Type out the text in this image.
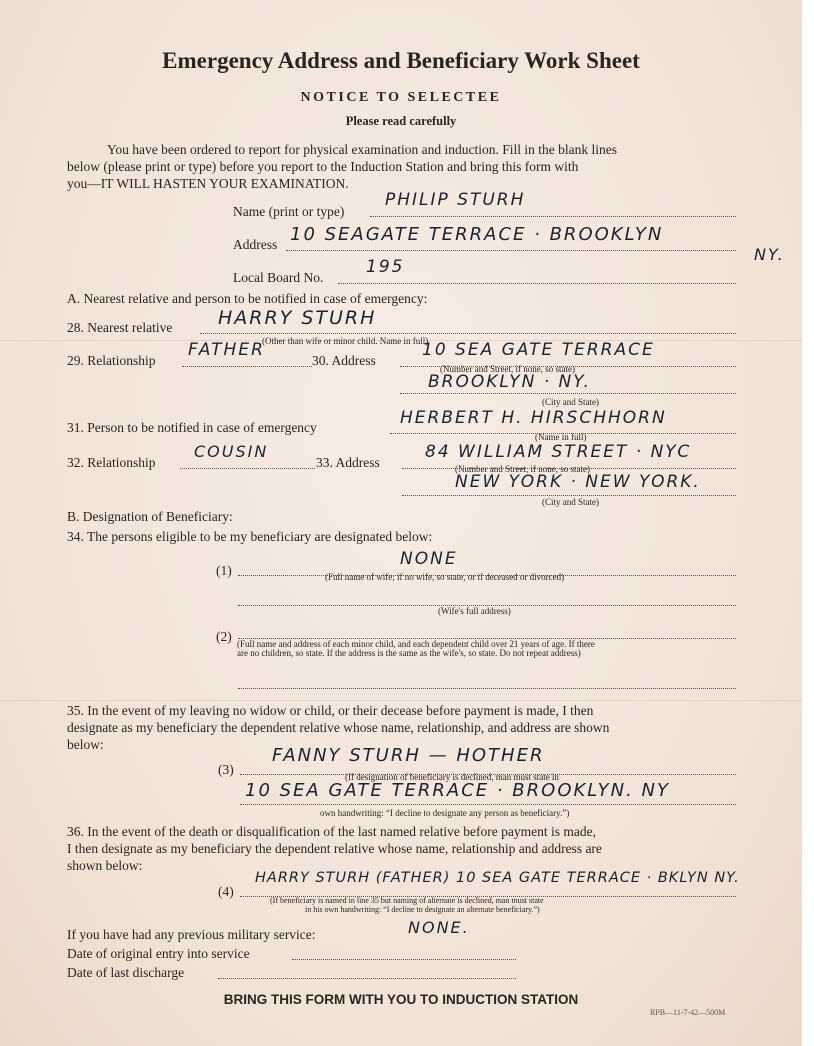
Emergency Address and Beneficiary Work Sheet
NOTICE TO SELECTEE
Please read carefully
You have been ordered to report for physical examination and induction. Fill in the blank lines
below (please print or type) before you report to the Induction Station and bring this form with
you—IT WILL HASTEN YOUR EXAMINATION.
Name (print or type)
PHILIP STURH
Address 10 SEAGATE TERRACE · BROOKLYN
NY.
Local Board No.
195
A. Nearest relative and person to be notified in case of emergency:
28. Nearest relative HARRY STURH
(Other than wife or minor child. Name in full)
29. Relationship
FATHER
30. Address
10 SEA GATE TERRACE
(Number and Street, if none, so state)
BROOKLYN · NY.
(City and State)
31. Person to be notified in case of emergency	HERBERT H. HIRSCHHORN
(Name in full)
32. Relationship
COUSIN
33. Address
84 WILLIAM STREET · NYC
(Number and Street, if none, so state)
NEW YORK · NEW YORK.
(City and State)
B. Designation of Beneficiary:
34. The persons eligible to be my beneficiary are designated below:
(1)
NONE
(Full name of wife; if no wife, so state, or if deceased or divorced)
(Wife's full address)
(2) (Full name and address of each minor child, and each dependent child over 21 years of age. If there
are no children, so state. If the address is the same as the wife's, so state. Do not repeat address)
35. In the event of my leaving no widow or child, or their decease before payment is made, I then
designate as my beneficiary the dependent relative whose name, relationship, and address are shown
below:
(3)
FANNY STURH — HOTHER
(If designation of beneficiary is declined, man must state in
10 SEA GATE TERRACE · BROOKLYN. NY
own handwriting: “I decline to designate any person as beneficiary.”)
36. In the event of the death or disqualification of the last named relative before payment is made,
I then designate as my beneficiary the dependent relative whose name, relationship and address are
shown below:
(4)
HARRY STURH (FATHER) 10 SEA GATE TERRACE · BKLYN NY.
(If beneficiary is named in line 35 but naming of alternate is declined, man must state
in his own handwriting: “I decline to designate an alternate beneficiary.”)
If you have had any previous military service:	NONE.
Date of original entry into service
Date of last discharge
BRING THIS FORM WITH YOU TO INDUCTION STATION
RPB—11-7-42—500M
